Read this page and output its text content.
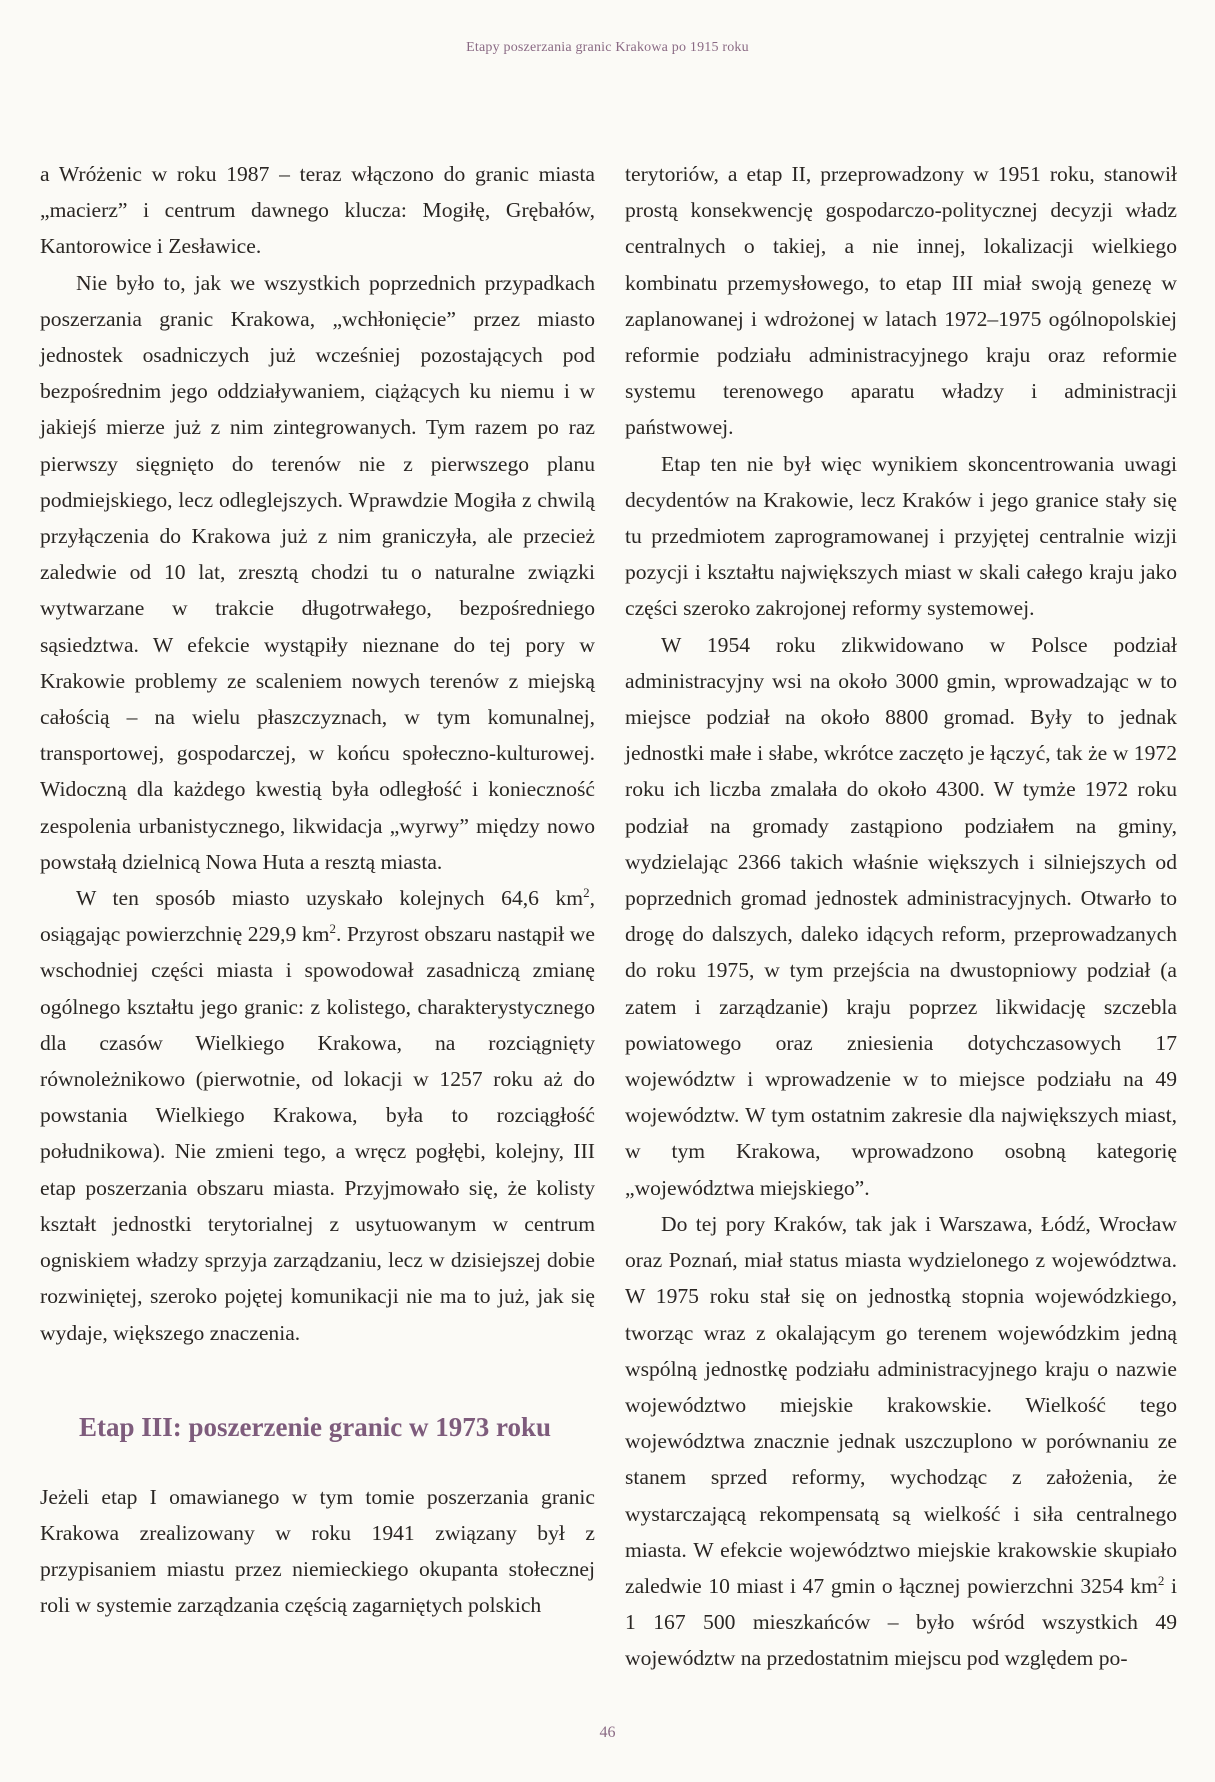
Etapy poszerzania granic Krakowa po 1915 roku

a Wróżenic w roku 1987 – teraz włączono do granic miasta „macierz” i centrum dawnego klucza: Mogiłę, Grębałów, Kantorowice i Zesławice.

Nie było to, jak we wszystkich poprzednich przypadkach poszerzania granic Krakowa, „wchłonięcie” przez miasto jednostek osadniczych już wcześniej pozostających pod bezpośrednim jego oddziaływaniem, ciążących ku niemu i w jakiejś mierze już z nim zintegrowanych. Tym razem po raz pierwszy sięgnięto do terenów nie z pierwszego planu podmiejskiego, lecz odleglejszych. Wprawdzie Mogiła z chwilą przyłączenia do Krakowa już z nim graniczyła, ale przecież zaledwie od 10 lat, zresztą chodzi tu o naturalne związki wytwarzane w trakcie długotrwałego, bezpośredniego sąsiedztwa. W efekcie wystąpiły nieznane do tej pory w Krakowie problemy ze scaleniem nowych terenów z miejską całością – na wielu płaszczyznach, w tym komunalnej, transportowej, gospodarczej, w końcu społeczno-kulturowej. Widoczną dla każdego kwestią była odległość i konieczność zespolenia urbanistycznego, likwidacja „wyrwy” między nowo powstałą dzielnicą Nowa Huta a resztą miasta.

W ten sposób miasto uzyskało kolejnych 64,6 $km^2$, osiągając powierzchnię 229,9 $km^2$. Przyrost obszaru nastąpił we wschodniej części miasta i spowodował zasadniczą zmianę ogólnego kształtu jego granic: z kolistego, charakterystycznego dla czasów Wielkiego Krakowa, na rozciągnięty równoleżnikowo (pierwotnie, od lokacji w 1257 roku aż do powstania Wielkiego Krakowa, była to rozciągłość południkowa). Nie zmieni tego, a wręcz pogłębi, kolejny, III etap poszerzania obszaru miasta. Przyjmowało się, że kolisty kształt jednostki terytorialnej z usytuowanym w centrum ogniskiem władzy sprzyja zarządzaniu, lecz w dzisiejszej dobie rozwiniętej, szeroko pojętej komunikacji nie ma to już, jak się wydaje, większego znaczenia.

Etap III: poszerzenie granic w 1973 roku

Jeżeli etap I omawianego w tym tomie poszerzania granic Krakowa zrealizowany w roku 1941 związany był z przypisaniem miastu przez niemieckiego okupanta stołecznej roli w systemie zarządzania częścią zagarniętych polskich

terytoriów, a etap II, przeprowadzony w 1951 roku, stanowił prostą konsekwencję gospodarczo-politycznej decyzji władz centralnych o takiej, a nie innej, lokalizacji wielkiego kombinatu przemysłowego, to etap III miał swoją genezę w zaplanowanej i wdrożonej w latach 1972–1975 ogólnopolskiej reformie podziału administracyjnego kraju oraz reformie systemu terenowego aparatu władzy i administracji państwowej.

Etap ten nie był więc wynikiem skoncentrowania uwagi decydentów na Krakowie, lecz Kraków i jego granice stały się tu przedmiotem zaprogramowanej i przyjętej centralnie wizji pozycji i kształtu największych miast w skali całego kraju jako części szeroko zakrojonej reformy systemowej.

W 1954 roku zlikwidowano w Polsce podział administracyjny wsi na około 3000 gmin, wprowadzając w to miejsce podział na około 8800 gromad. Były to jednak jednostki małe i słabe, wkrótce zaczęto je łączyć, tak że w 1972 roku ich liczba zmalała do około 4300. W tymże 1972 roku podział na gromady zastąpiono podziałem na gminy, wydzielając 2366 takich właśnie większych i silniejszych od poprzednich gromad jednostek administracyjnych. Otwarło to drogę do dalszych, daleko idących reform, przeprowadzanych do roku 1975, w tym przejścia na dwustopniowy podział (a zatem i zarządzanie) kraju poprzez likwidację szczebla powiatowego oraz zniesienia dotychczasowych 17 województw i wprowadzenie w to miejsce podziału na 49 województw. W tym ostatnim zakresie dla największych miast, w tym Krakowa, wprowadzono osobną kategorię „województwa miejskiego”.

Do tej pory Kraków, tak jak i Warszawa, Łódź, Wrocław oraz Poznań, miał status miasta wydzielonego z województwa. W 1975 roku stał się on jednostką stopnia wojewódzkiego, tworząc wraz z okalającym go terenem wojewódzkim jedną wspólną jednostkę podziału administracyjnego kraju o nazwie województwo miejskie krakowskie. Wielkość tego województwa znacznie jednak uszczuplono w porównaniu ze stanem sprzed reformy, wychodząc z założenia, że wystarczającą rekompensatą są wielkość i siła centralnego miasta. W efekcie województwo miejskie krakowskie skupiało zaledwie 10 miast i 47 gmin o łącznej powierzchni 3254 $km^2$ i 1 167 500 mieszkańców – było wśród wszystkich 49 województw na przedostatnim miejscu pod względem po-

46
